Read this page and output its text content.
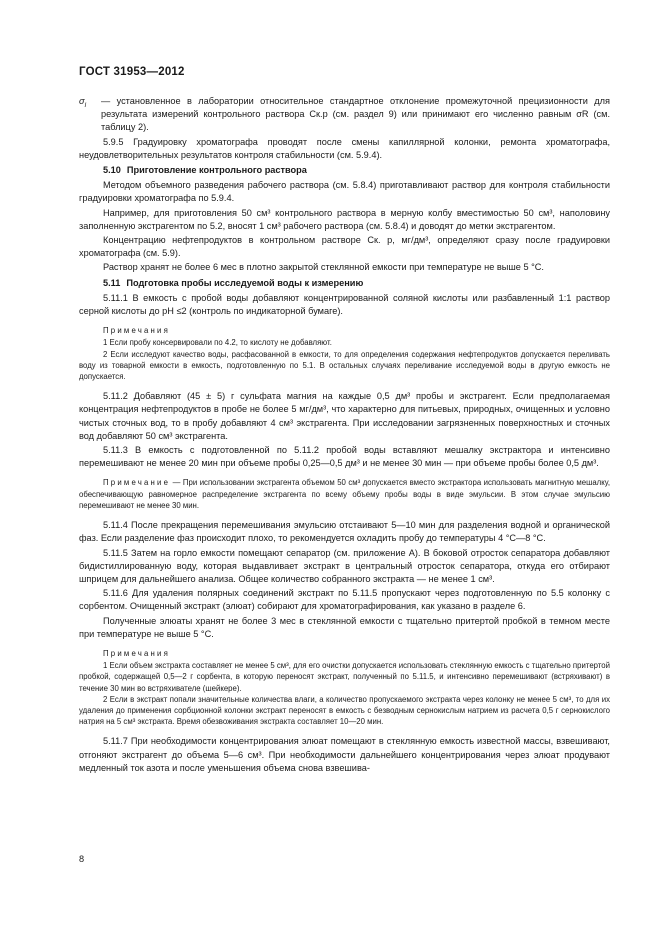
ГОСТ 31953—2012
$\sigma_I$ — установленное в лаборатории относительное стандартное отклонение промежуточной прецизионности для результата измерений контрольного раствора Cк.р (см. раздел 9) или принимают его численно равным σR (см. таблицу 2).

5.9.5 Градуировку хроматографа проводят после смены капиллярной колонки, ремонта хроматографа, неудовлетворительных результатов контроля стабильности (см. 5.9.4).

5.10 Приготовление контрольного раствора

Методом объемного разведения рабочего раствора (см. 5.8.4) приготавливают раствор для контроля стабильности градуировки хроматографа по 5.9.4.

Например, для приготовления 50 см³ контрольного раствора в мерную колбу вместимостью 50 см³, наполовину заполненную экстрагентом по 5.2, вносят 1 см³ рабочего раствора (см. 5.8.4) и доводят до метки экстрагентом.

Концентрацию нефтепродуктов в контрольном растворе Cк. р, мг/дм³, определяют сразу после градуировки хроматографа (см. 5.9).

Раствор хранят не более 6 мес в плотно закрытой стеклянной емкости при температуре не выше 5 °С.

5.11 Подготовка пробы исследуемой воды к измерению

5.11.1 В емкость с пробой воды добавляют концентрированной соляной кислоты или разбавленный 1:1 раствор серной кислоты до рН ≤2 (контроль по индикаторной бумаге).

Примечания

1 Если пробу консервировали по 4.2, то кислоту не добавляют.

2 Если исследуют качество воды, расфасованной в емкости, то для определения содержания нефтепродуктов допускается переливать воду из товарной емкости в емкость, подготовленную по 5.1. В остальных случаях переливание исследуемой воды в другую емкость не допускается.

5.11.2 Добавляют (45 ± 5) г сульфата магния на каждые 0,5 дм³ пробы и экстрагент. Если предполагаемая концентрация нефтепродуктов в пробе не более 5 мг/дм³, что характерно для питьевых, природных, очищенных и условно чистых сточных вод, то в пробу добавляют 4 см³ экстрагента. При исследовании загрязненных поверхностных и сточных вод добавляют 50 см³ экстрагента.

5.11.3 В емкость с подготовленной по 5.11.2 пробой воды вставляют мешалку экстрактора и интенсивно перемешивают не менее 20 мин при объеме пробы 0,25—0,5 дм³ и не менее 30 мин — при объеме пробы более 0,5 дм³.

Примечание — При использовании экстрагента объемом 50 см³ допускается вместо экстрактора использовать магнитную мешалку, обеспечивающую равномерное распределение экстрагента по всему объему пробы воды в виде эмульсии. В этом случае эмульсию перемешивают не менее 30 мин.

5.11.4 После прекращения перемешивания эмульсию отстаивают 5—10 мин для разделения водной и органической фаз. Если разделение фаз происходит плохо, то рекомендуется охладить пробу до температуры 4 °С—8 °С.

5.11.5 Затем на горло емкости помещают сепаратор (см. приложение А). В боковой отросток сепаратора добавляют бидистиллированную воду, которая выдавливает экстракт в центральный отросток сепаратора, откуда его отбирают шприцем для дальнейшего анализа. Общее количество собранного экстракта — не менее 1 см³.

5.11.6 Для удаления полярных соединений экстракт по 5.11.5 пропускают через подготовленную по 5.5 колонку с сорбентом. Очищенный экстракт (элюат) собирают для хроматографирования, как указано в разделе 6.

Полученные элюаты хранят не более 3 мес в стеклянной емкости с тщательно притертой пробкой в темном месте при температуре не выше 5 °С.

Примечания

1 Если объем экстракта составляет не менее 5 см³, для его очистки допускается использовать стеклянную емкость с тщательно притертой пробкой, содержащей 0,5—2 г сорбента, в которую переносят экстракт, полученный по 5.11.5, и интенсивно перемешивают (встряхивают) в течение 30 мин во встряхивателе (шейкере).

2 Если в экстракт попали значительные количества влаги, а количество пропускаемого экстракта через колонку не менее 5 см³, то для их удаления до применения сорбционной колонки экстракт переносят в емкость с безводным сернокислым натрием из расчета 0,5 г сернокислого натрия на 5 см³ экстракта. Время обезвоживания экстракта составляет 10—20 мин.

5.11.7 При необходимости концентрирования элюат помещают в стеклянную емкость известной массы, взвешивают, отгоняют экстрагент до объема 5—6 см³. При необходимости дальнейшего концентрирования через элюат продувают медленный ток азота и после уменьшения объема снова взвешива-

8
